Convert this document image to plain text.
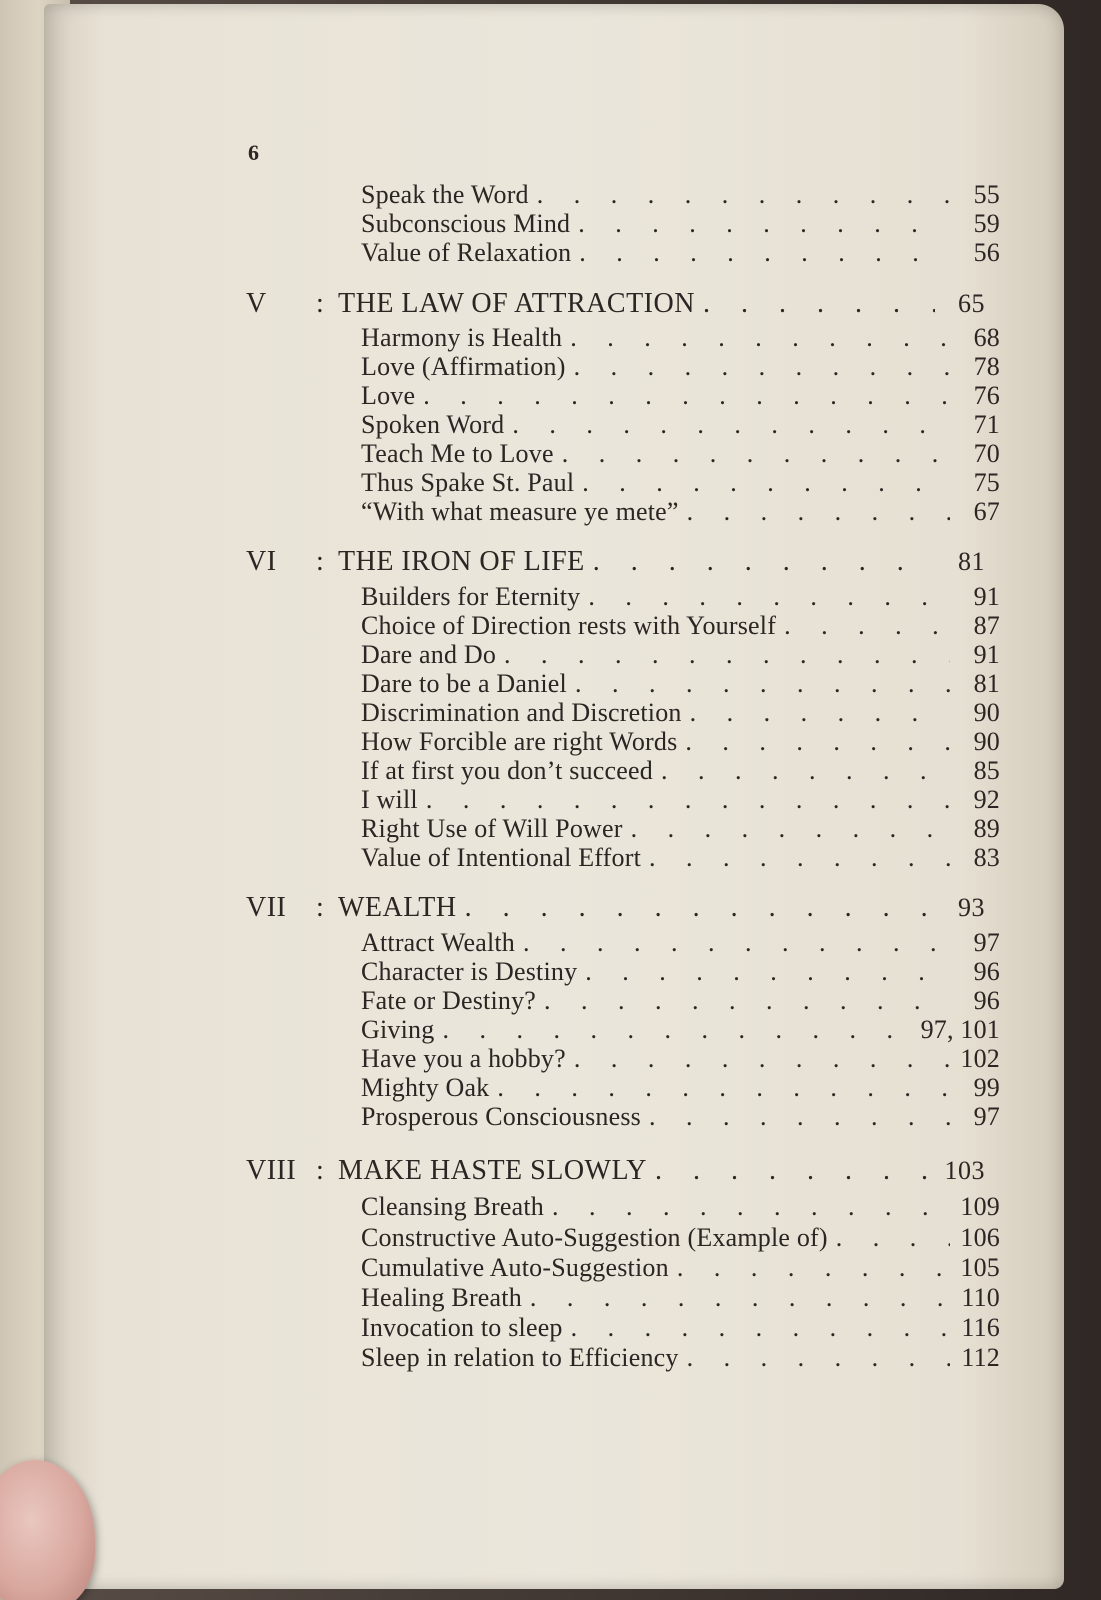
6
Speak the Word . . .	55
Subconscious Mind . . .	59
Value of Relaxation . . .	56
V	: THE LAW OF ATTRACTION . . .	65
Harmony is Health . . .	68
Love (Affirmation) . . .	78
Love . . .	76
Spoken Word . . .	71
Teach Me to Love . . .	70
Thus Spake St. Paul . . .	75
“With what measure ye mete” . . .	67
VI	: THE IRON OF LIFE . . .	81
Builders for Eternity . . .	91
Choice of Direction rests with Yourself . . .	87
Dare and Do . . .	91
Dare to be a Daniel . . .	81
Discrimination and Discretion . . .	90
How Forcible are right Words . . .	90
If at first you don’t succeed . . .	85
I will . . .	92
Right Use of Will Power . . .	89
Value of Intentional Effort . . .	83
VII	: WEALTH . . .	93
Attract Wealth . . .	97
Character is Destiny . . .	96
Fate or Destiny? . . .	96
Giving . . .	97, 101
Have you a hobby? . . .	102
Mighty Oak . . .	99
Prosperous Consciousness . . .	97
VIII : MAKE HASTE SLOWLY . . .	103
Cleansing Breath . . .	109
Constructive Auto-Suggestion (Example of) . . .	106
Cumulative Auto-Suggestion . . .	105
Healing Breath . . .	110
Invocation to sleep . . .	116
Sleep in relation to Efficiency . . .	112
